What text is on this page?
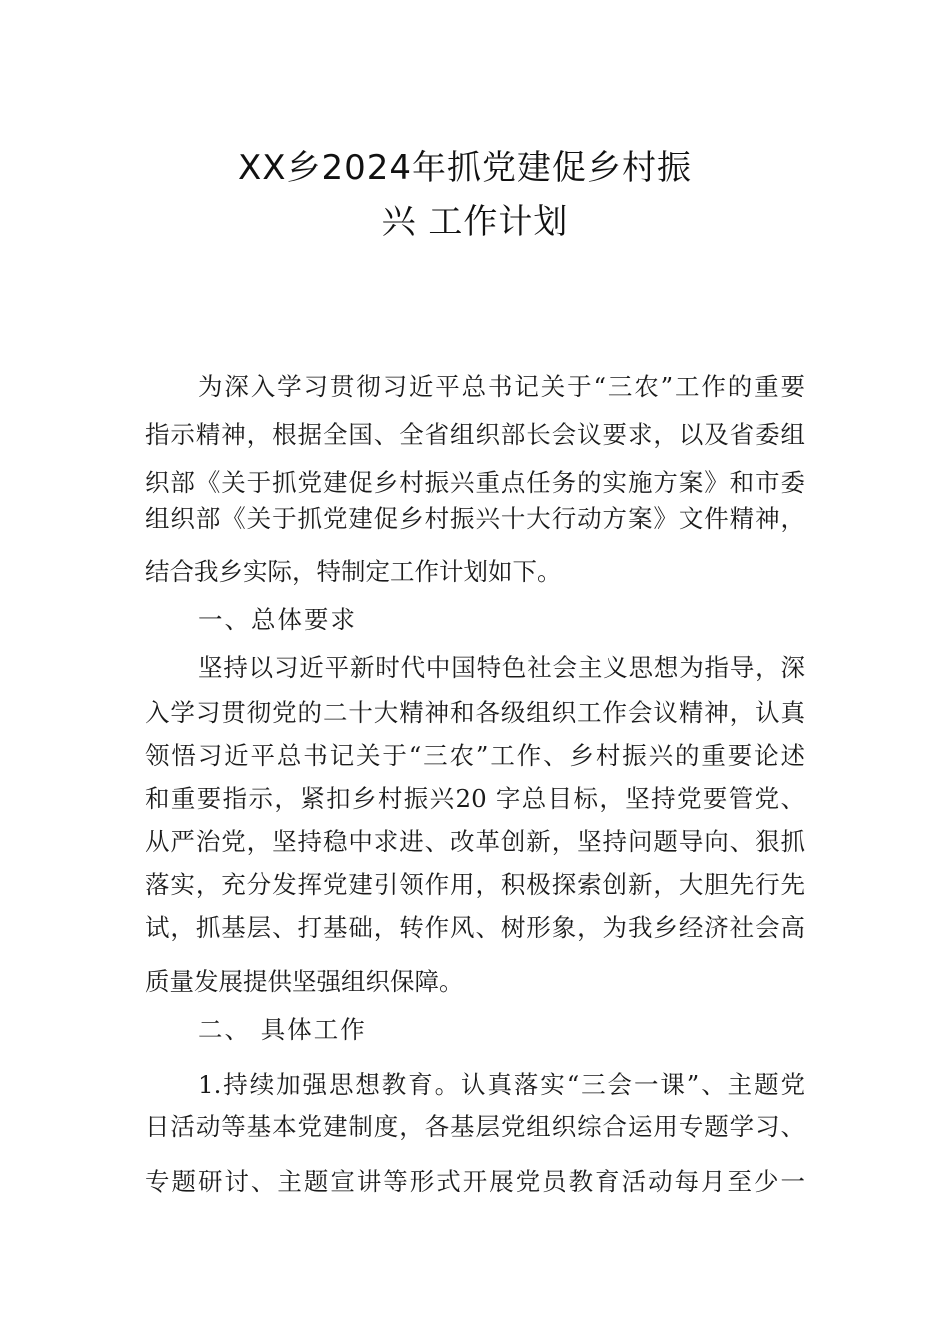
XX乡2024年抓党建促乡村振
兴 工作计划
为深入学习贯彻习近平总书记关于“三农”工作的重要
指示精神，根据全国、全省组织部长会议要求，以及省委组
织部《关于抓党建促乡村振兴重点任务的实施方案》和市委
组织部《关于抓党建促乡村振兴十大行动方案》文件精神，
结合我乡实际，特制定工作计划如下。
一、总体要求
坚持以习近平新时代中国特色社会主义思想为指导，深
入学习贯彻党的二十大精神和各级组织工作会议精神，认真
领悟习近平总书记关于“三农”工作、乡村振兴的重要论述
和重要指示，紧扣乡村振兴20 字总目标，坚持党要管党、
从严治党，坚持稳中求进、改革创新，坚持问题导向、狠抓
落实，充分发挥党建引领作用，积极探索创新，大胆先行先
试，抓基层、打基础，转作风、树形象，为我乡经济社会高
质量发展提供坚强组织保障。
二、 具体工作
1.持续加强思想教育。认真落实“三会一课”、主题党
日活动等基本党建制度，各基层党组织综合运用专题学习、
专题研讨、主题宣讲等形式开展党员教育活动每月至少一
